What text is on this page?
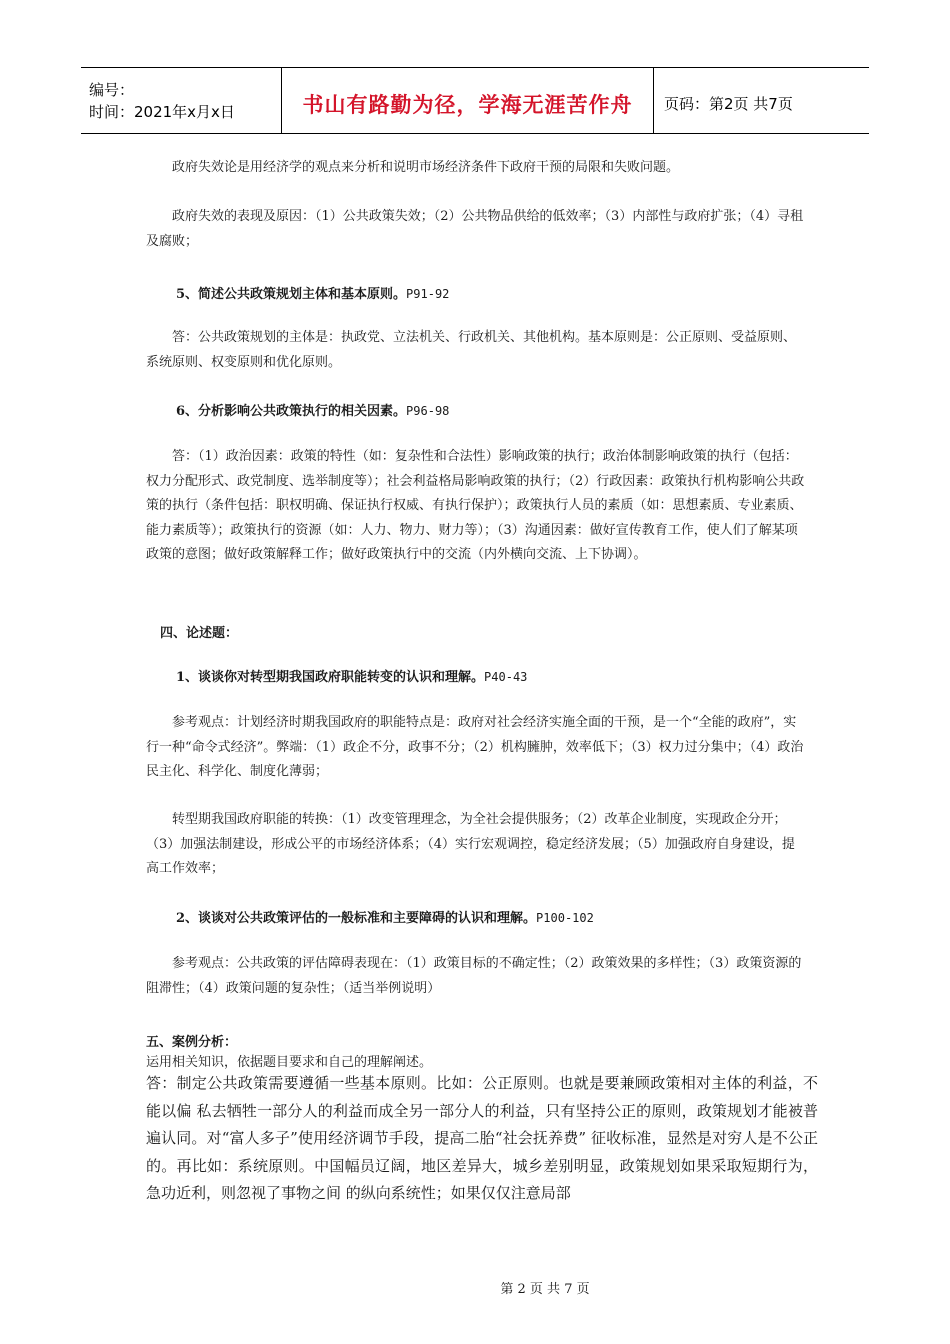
编号：
时间：2021年x月x日	书山有路勤为径，学海无涯苦作舟	页码：第2页 共7页

政府失效论是用经济学的观点来分析和说明市场经济条件下政府干预的局限和失败问题。

政府失效的表现及原因：（1）公共政策失效；（2）公共物品供给的低效率；（3）内部性与政府扩张；（4）寻租及腐败；

5、简述公共政策规划主体和基本原则。P91-92

答：公共政策规划的主体是：执政党、立法机关、行政机关、其他机构。基本原则是：公正原则、受益原则、系统原则、权变原则和优化原则。

6、分析影响公共政策执行的相关因素。P96-98

答：（1）政治因素：政策的特性（如：复杂性和合法性）影响政策的执行；政治体制影响政策的执行（包括：权力分配形式、政党制度、选举制度等）；社会利益格局影响政策的执行；（2）行政因素：政策执行机构影响公共政策的执行（条件包括：职权明确、保证执行权威、有执行保护）；政策执行人员的素质（如：思想素质、专业素质、能力素质等）；政策执行的资源（如：人力、物力、财力等）；（3）沟通因素：做好宣传教育工作，使人们了解某项政策的意图；做好政策解释工作；做好政策执行中的交流（内外横向交流、上下协调）。

四、论述题：

1、谈谈你对转型期我国政府职能转变的认识和理解。P40-43

参考观点：计划经济时期我国政府的职能特点是：政府对社会经济实施全面的干预，是一个“全能的政府”，实行一种“命令式经济”。弊端：（1）政企不分，政事不分；（2）机构臃肿，效率低下；（3）权力过分集中；（4）政治民主化、科学化、制度化薄弱；

转型期我国政府职能的转换：（1）改变管理理念，为全社会提供服务；（2）改革企业制度，实现政企分开；（3）加强法制建设，形成公平的市场经济体系；（4）实行宏观调控，稳定经济发展；（5）加强政府自身建设，提高工作效率；

2、谈谈对公共政策评估的一般标准和主要障碍的认识和理解。P100-102

参考观点：公共政策的评估障碍表现在：（1）政策目标的不确定性；（2）政策效果的多样性；（3）政策资源的阻滞性；（4）政策问题的复杂性；（适当举例说明）

五、案例分析：

运用相关知识，依据题目要求和自己的理解阐述。

答：制定公共政策需要遵循一些基本原则。比如：公正原则。也就是要兼顾政策相对主体的利益，不能以偏 私去牺牲一部分人的利益而成全另一部分人的利益，只有坚持公正的原则，政策规划才能被普遍认同。对“富人多子”使用经济调节手段，提高二胎“社会抚养费” 征收标准，显然是对穷人是不公正的。再比如：系统原则。中国幅员辽阔，地区差异大，城乡差别明显，政策规划如果采取短期行为，急功近利，则忽视了事物之间 的纵向系统性；如果仅仅注意局部

第 2 页 共 7 页
